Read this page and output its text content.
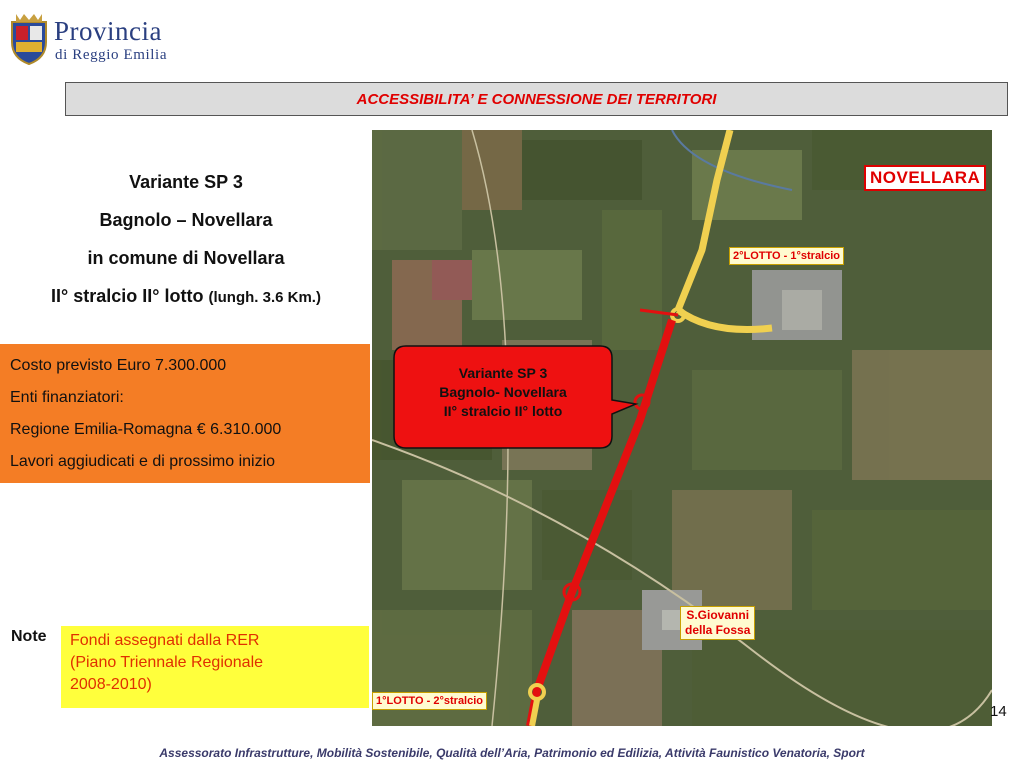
Provincia
di Reggio Emilia
ACCESSIBILITA’ E CONNESSIONE DEI TERRITORI
Variante SP 3
Bagnolo – Novellara
in comune di Novellara
II° stralcio II° lotto (lungh. 3.6 Km.)
Costo previsto Euro 7.300.000
Enti finanziatori:
Regione Emilia-Romagna € 6.310.000
Lavori aggiudicati e di prossimo inizio
Note Fondi assegnati dalla RER
(Piano Triennale Regionale
2008-2010)
NOVELLARA
2°LOTTO - 1°stralcio
1°LOTTO - 2°stralcio
S.Giovanni
della Fossa
Variante SP 3
Bagnolo- Novellara
II° stralcio II° lotto
14
Assessorato Infrastrutture, Mobilità Sostenibile, Qualità dell’Aria, Patrimonio ed Edilizia, Attività Faunistico Venatoria, Sport
